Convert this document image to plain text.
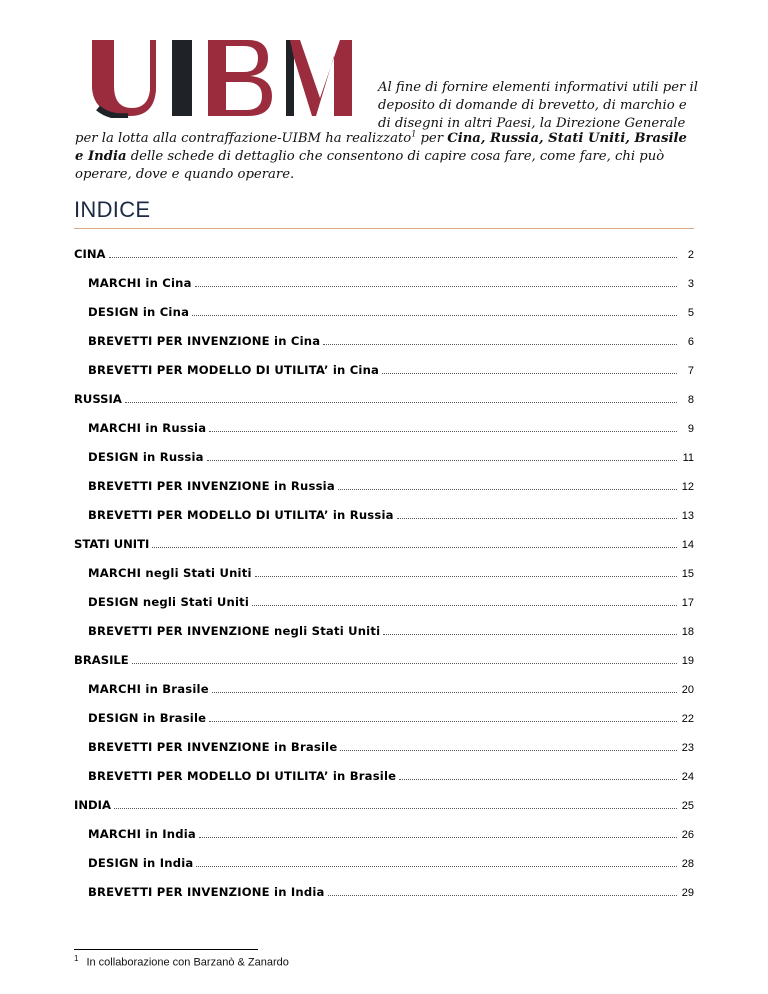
Al fine di fornire elementi informativi utili per il
deposito di domande di brevetto, di marchio e
di disegni in altri Paesi, la Direzione Generale
per la lotta alla contraffazione-UIBM ha realizzato$^1$ per Cina, Russia, Stati Uniti, Brasile
e India delle schede di dettaglio che consentono di capire cosa fare, come fare, chi può
operare, dove e quando operare.
INDICE
CINA	2
MARCHI in Cina	3
DESIGN in Cina	5
BREVETTI PER INVENZIONE in Cina	6
BREVETTI PER MODELLO DI UTILITA’ in Cina	7
RUSSIA	8
MARCHI in Russia	9
DESIGN in Russia	11
BREVETTI PER INVENZIONE in Russia	12
BREVETTI PER MODELLO DI UTILITA’ in Russia	13
STATI UNITI	14
MARCHI negli Stati Uniti	15
DESIGN negli Stati Uniti	17
BREVETTI PER INVENZIONE negli Stati Uniti	18
BRASILE	19
MARCHI in Brasile	20
DESIGN in Brasile	22
BREVETTI PER INVENZIONE in Brasile	23
BREVETTI PER MODELLO DI UTILITA’ in Brasile	24
INDIA	25
MARCHI in India	26
DESIGN in India	28
BREVETTI PER INVENZIONE in India	29
$^1$ In collaborazione con Barzanò & Zanardo
